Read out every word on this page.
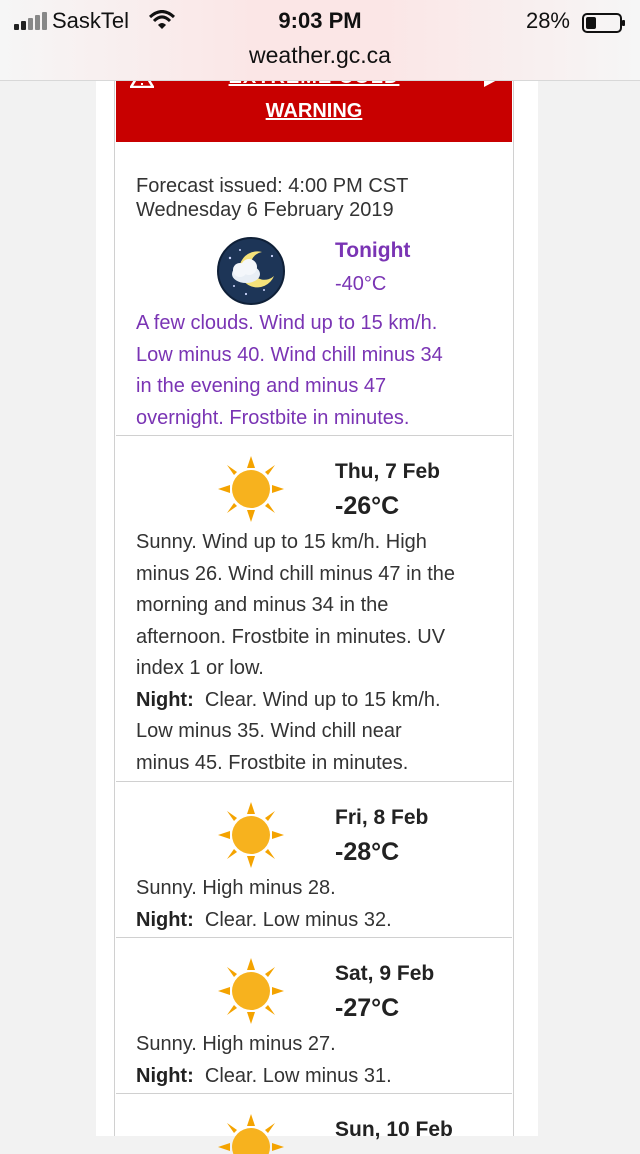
WARNING
SaskTel	9:03 PM	28%
weather.gc.ca
Forecast issued: 4:00 PM CST
Wednesday 6 February 2019
Tonight
-40°C
A few clouds. Wind up to 15 km/h.
Low minus 40. Wind chill minus 34
in the evening and minus 47
overnight. Frostbite in minutes.
Thu, 7 Feb
-26°C
Sunny. Wind up to 15 km/h. High
minus 26. Wind chill minus 47 in the
morning and minus 34 in the
afternoon. Frostbite in minutes. UV
index 1 or low.
Night: Clear. Wind up to 15 km/h.
Low minus 35. Wind chill near
minus 45. Frostbite in minutes.
Fri, 8 Feb
-28°C
Sunny. High minus 28.
Night: Clear. Low minus 32.
Sat, 9 Feb
-27°C
Sunny. High minus 27.
Night: Clear. Low minus 31.
Sun, 10 Feb
